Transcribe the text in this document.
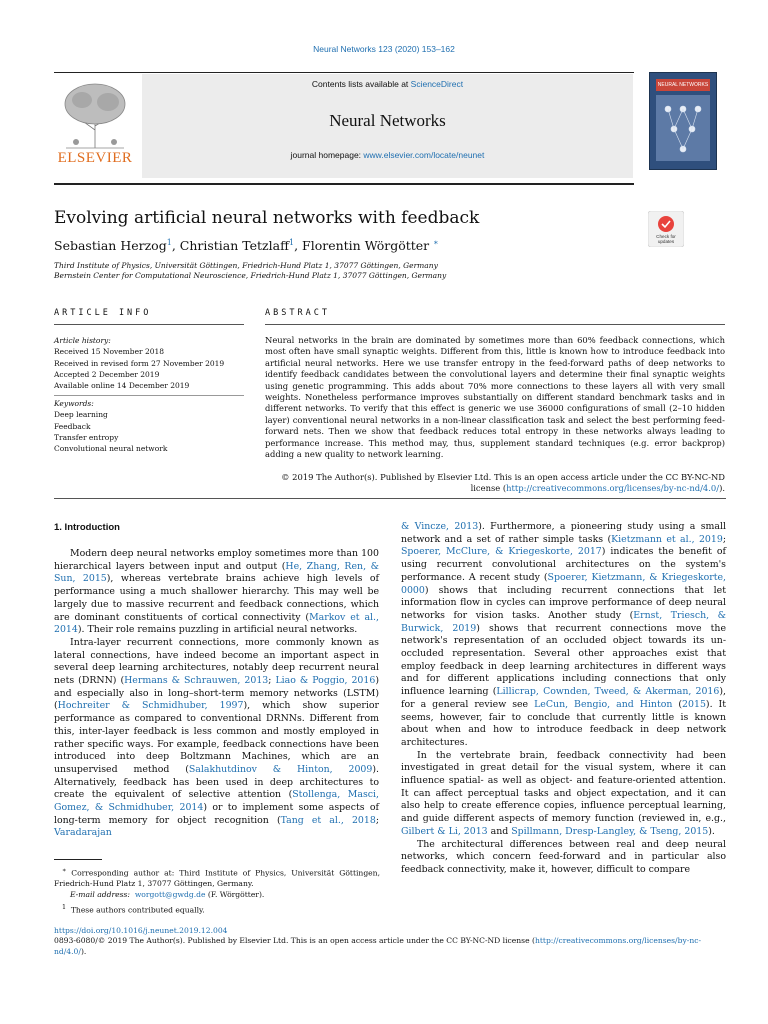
Neural Networks 123 (2020) 153–162
ELSEVIER
Contents lists available at ScienceDirect
Neural Networks
journal homepage: www.elsevier.com/locate/neunet
NEURAL NETWORKS
Evolving artificial neural networks with feedback
Check for updates
Sebastian Herzog$^1$, Christian Tetzlaff$^1$, Florentin Wörgötter ∗
Third Institute of Physics, Universität Göttingen, Friedrich-Hund Platz 1, 37077 Göttingen, Germany
Bernstein Center for Computational Neuroscience, Friedrich-Hund Platz 1, 37077 Göttingen, Germany
ARTICLE INFO	ABSTRACT
Article history:
Received 15 November 2018
Received in revised form 27 November 2019
Accepted 2 December 2019
Available online 14 December 2019
Keywords:
Deep learning
Feedback
Transfer entropy
Convolutional neural network
Neural networks in the brain are dominated by sometimes more than 60% feedback connections, which most often have small synaptic weights. Different from this, little is known how to introduce feedback into artificial neural networks. Here we use transfer entropy in the feed-forward paths of deep networks to identify feedback candidates between the convolutional layers and determine their final synaptic weights using genetic programming. This adds about 70% more connections to these layers all with very small weights. Nonetheless performance improves substantially on different standard benchmark tasks and in different networks. To verify that this effect is generic we use 36000 configurations of small (2–10 hidden layer) conventional neural networks in a non-linear classification task and select the best performing feed-forward nets. Then we show that feedback reduces total entropy in these networks always leading to performance increase. This method may, thus, supplement standard techniques (e.g. error backprop) adding a new quality to network learning.
© 2019 The Author(s). Published by Elsevier Ltd. This is an open access article under the CC BY-NC-ND
license (http://creativecommons.org/licenses/by-nc-nd/4.0/).
1. Introduction

Modern deep neural networks employ sometimes more than 100 hierarchical layers between input and output (He, Zhang, Ren, & Sun, 2015), whereas vertebrate brains achieve high levels of performance using a much shallower hierarchy. This may well be largely due to massive recurrent and feedback connections, which are dominant constituents of cortical connectivity (Markov et al., 2014). Their role remains puzzling in artificial neural networks.

Intra-layer recurrent connections, more commonly known as lateral connections, have indeed become an important aspect in several deep learning architectures, notably deep recurrent neural nets (DRNN) (Hermans & Schrauwen, 2013; Liao & Poggio, 2016) and especially also in long–short-term memory networks (LSTM) (Hochreiter & Schmidhuber, 1997), which show superior performance as compared to conventional DRNNs. Different from this, inter-layer feedback is less common and mostly employed in rather specific ways. For example, feedback connections have been introduced into deep Boltzmann Machines, which are an unsupervised method (Salakhutdinov & Hinton, 2009). Alternatively, feedback has been used in deep architectures to create the equivalent of selective attention (Stollenga, Masci, Gomez, & Schmidhuber, 2014) or to implement some aspects of long-term memory for object recognition (Tang et al., 2018; Varadarajan

& Vincze, 2013). Furthermore, a pioneering study using a small network and a set of rather simple tasks (Kietzmann et al., 2019; Spoerer, McClure, & Kriegeskorte, 2017) indicates the benefit of using recurrent convolutional architectures on the system's performance. A recent study (Spoerer, Kietzmann, & Kriegeskorte, 0000) shows that including recurrent connections that let information flow in cycles can improve performance of deep neural networks for vision tasks. Another study (Ernst, Triesch, & Burwick, 2019) shows that recurrent connections move the network's representation of an occluded object towards its un-occluded representation. Several other approaches exist that employ feedback in deep learning architectures in different ways and for different applications including connections that only influence learning (Lillicrap, Cownden, Tweed, & Akerman, 2016), for a general review see LeCun, Bengio, and Hinton (2015). It seems, however, fair to conclude that currently little is known about when and how to introduce feedback in deep network architectures.

In the vertebrate brain, feedback connectivity had been investigated in great detail for the visual system, where it can influence spatial- as well as object- and feature-oriented attention. It can affect perceptual tasks and object expectation, and it can also help to create efference copies, influence perceptual learning, and guide different aspects of memory function (reviewed in, e.g., Gilbert & Li, 2013 and Spillmann, Dresp-Langley, & Tseng, 2015).

The architectural differences between real and deep neural networks, which concern feed-forward and in particular also feedback connectivity, make it, however, difficult to compare

∗ Corresponding author at: Third Institute of Physics, Universität Göttingen, Friedrich-Hund Platz 1, 37077 Göttingen, Germany.
E-mail address: worgott@gwdg.de (F. Wörgötter).
$^1$ These authors contributed equally.
https://doi.org/10.1016/j.neunet.2019.12.004
0893-6080/© 2019 The Author(s). Published by Elsevier Ltd. This is an open access article under the CC BY-NC-ND license (http://creativecommons.org/licenses/by-nc-nd/4.0/).
